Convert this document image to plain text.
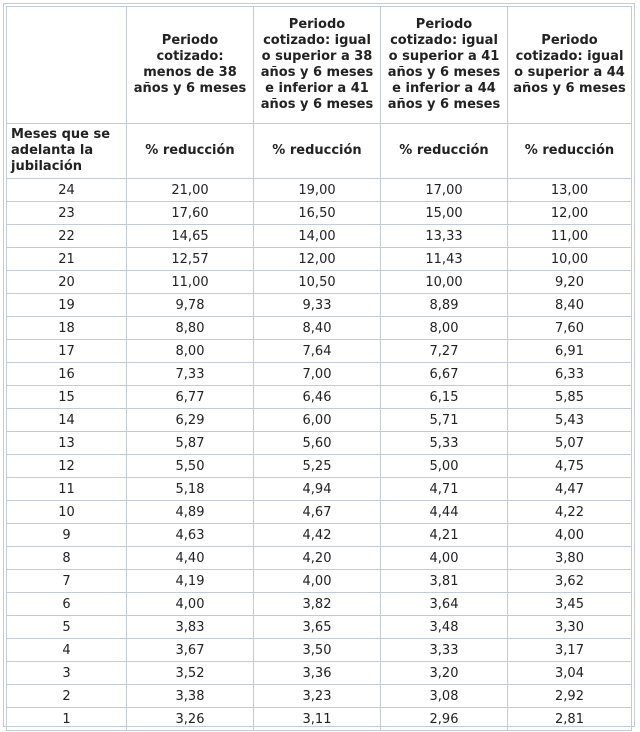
	Periodo cotizado: menos de 38 años y 6 meses	Periodo cotizado: igual o superior a 38 años y 6 meses e inferior a 41 años y 6 meses	Periodo cotizado: igual o superior a 41 años y 6 meses e inferior a 44 años y 6 meses	Periodo cotizado: igual o superior a 44 años y 6 meses
Meses que se adelanta la jubilación	% reducción	% reducción	% reducción	% reducción
24	21,00	19,00	17,00	13,00
23	17,60	16,50	15,00	12,00
22	14,65	14,00	13,33	11,00
21	12,57	12,00	11,43	10,00
20	11,00	10,50	10,00	9,20
19	9,78	9,33	8,89	8,40
18	8,80	8,40	8,00	7,60
17	8,00	7,64	7,27	6,91
16	7,33	7,00	6,67	6,33
15	6,77	6,46	6,15	5,85
14	6,29	6,00	5,71	5,43
13	5,87	5,60	5,33	5,07
12	5,50	5,25	5,00	4,75
11	5,18	4,94	4,71	4,47
10	4,89	4,67	4,44	4,22
9	4,63	4,42	4,21	4,00
8	4,40	4,20	4,00	3,80
7	4,19	4,00	3,81	3,62
6	4,00	3,82	3,64	3,45
5	3,83	3,65	3,48	3,30
4	3,67	3,50	3,33	3,17
3	3,52	3,36	3,20	3,04
2	3,38	3,23	3,08	2,92
1	3,26	3,11	2,96	2,81
